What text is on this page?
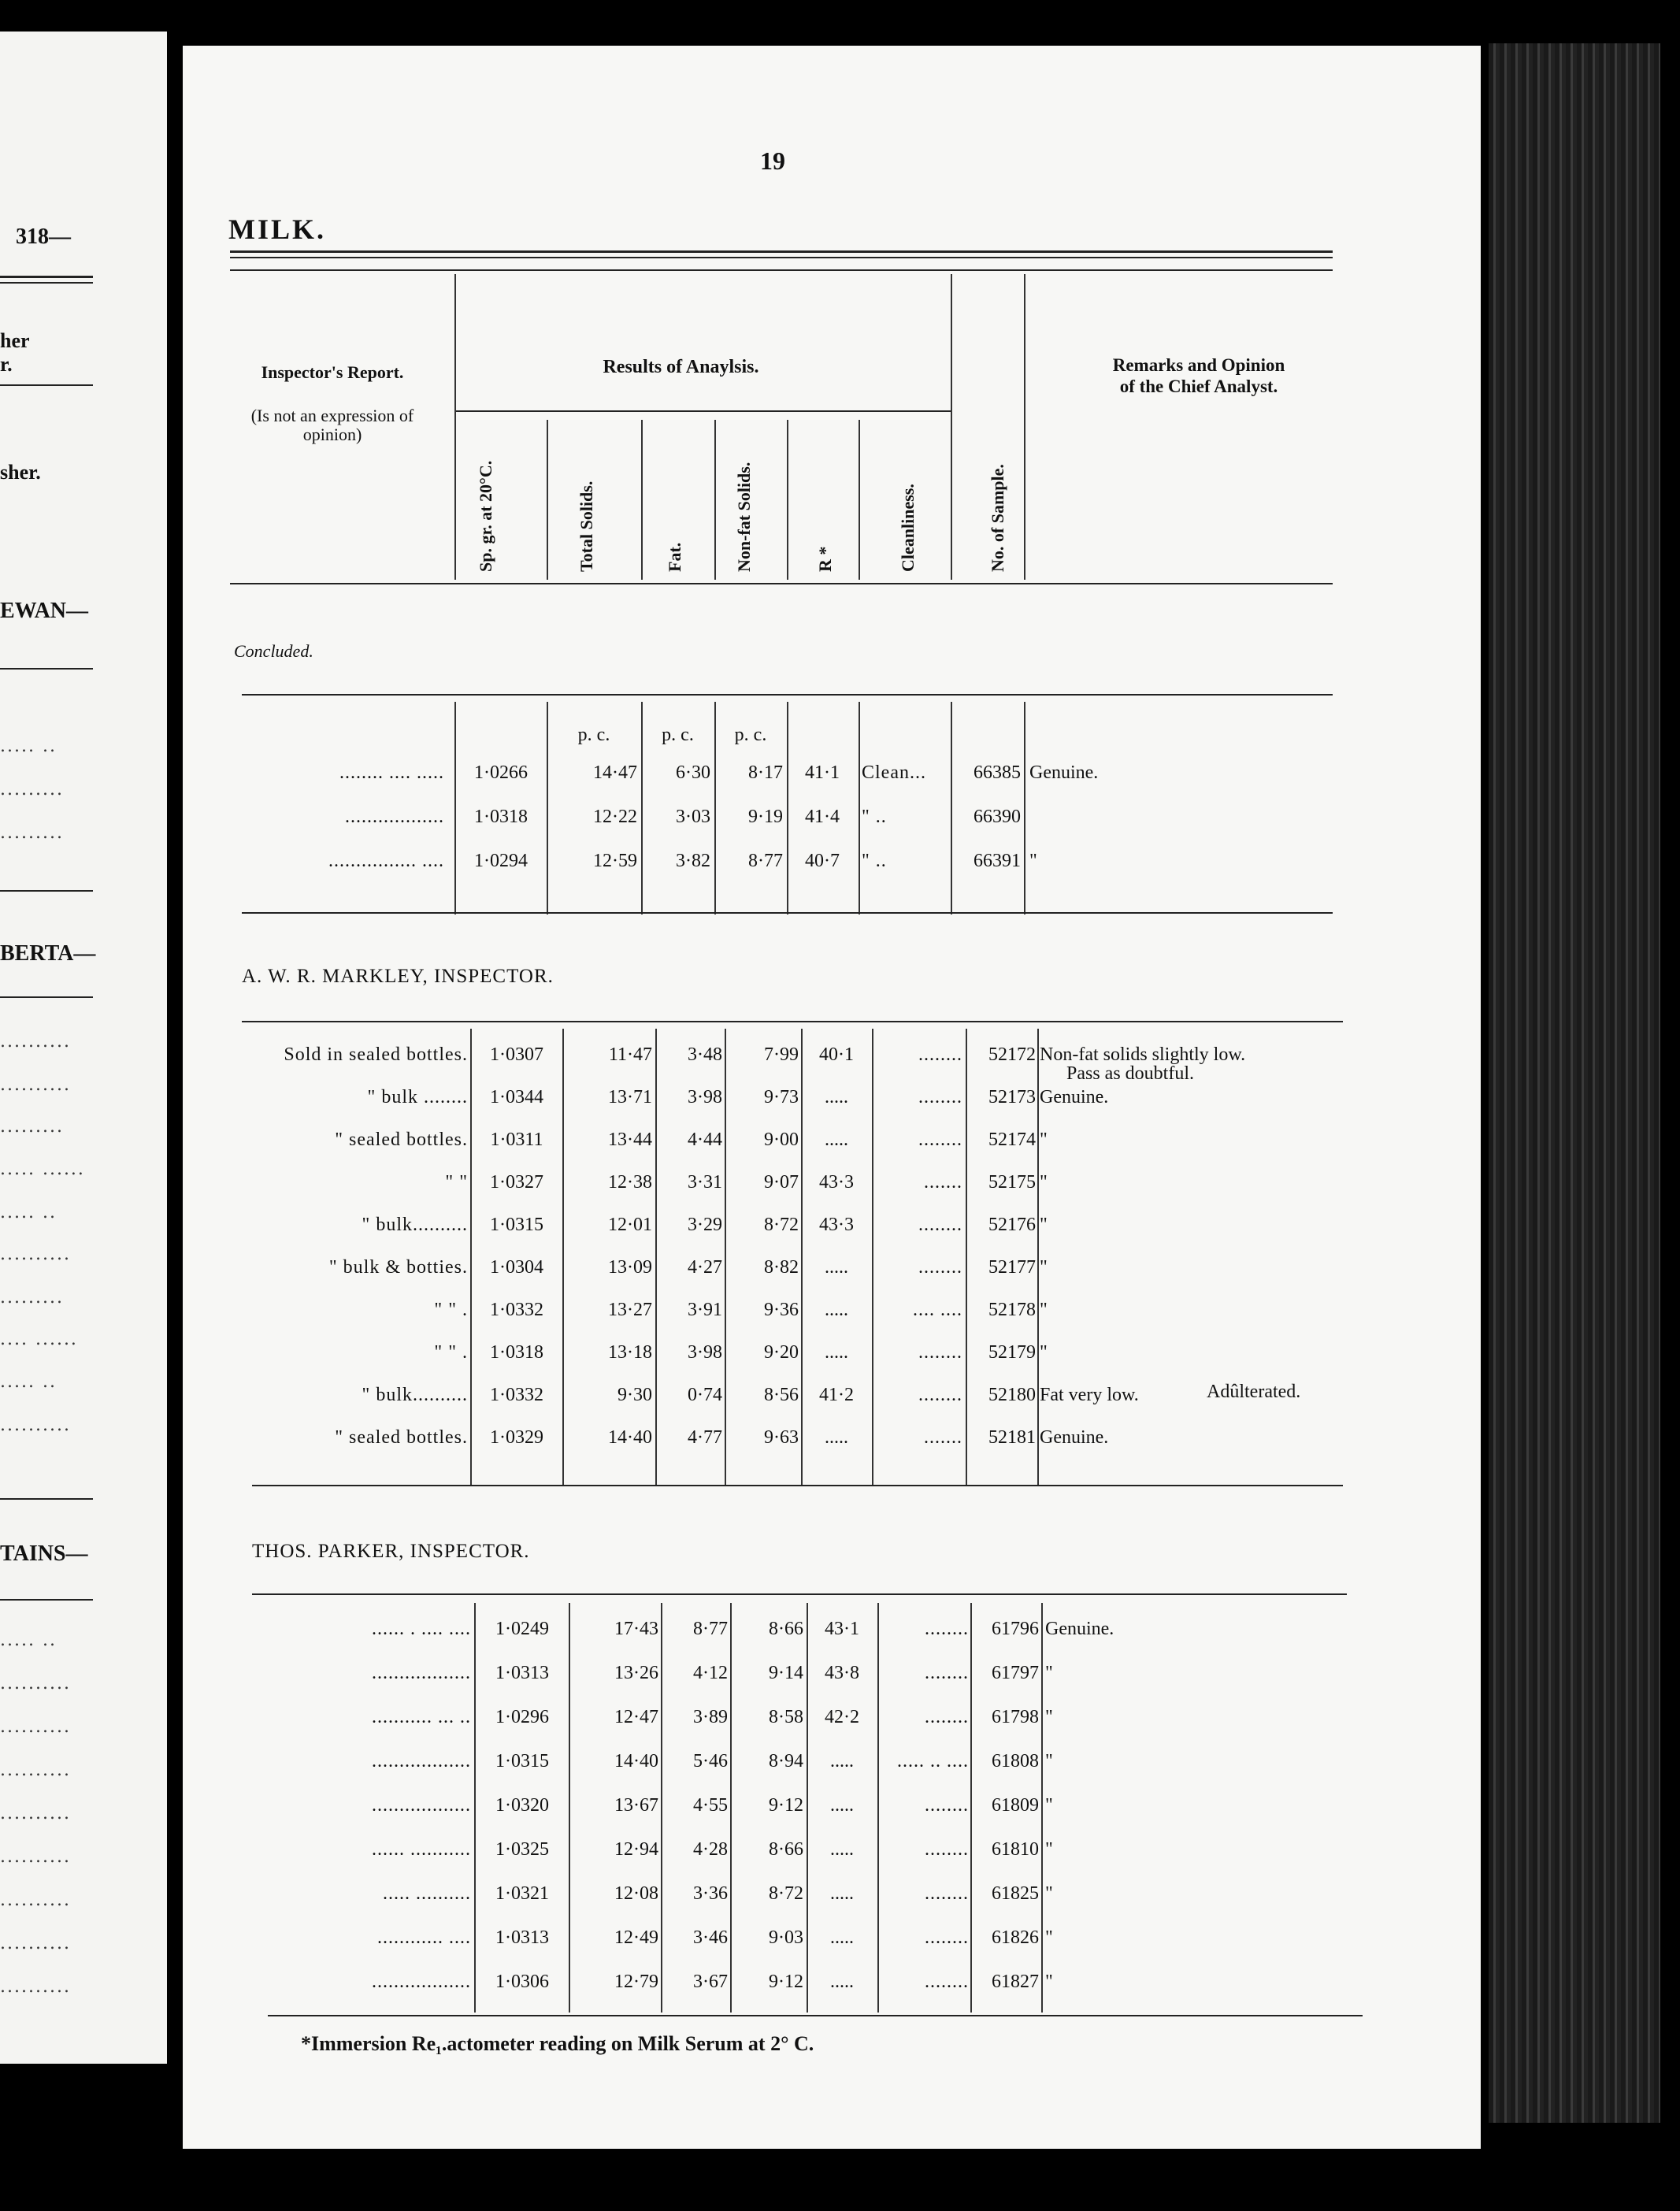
318—
her
r.
sher.
EWAN—
..... ..
.........
.........
BERTA—
..........
..........
.........
..... ......
..... ..
..........
.........
.... ......
..... ..
..........
TAINS—
..... ..
..........
..........
..........
..........
..........
..........
..........
..........
19
MILK.
Inspector's Report.
(Is not an expression of opinion)
Results of Anaylsis.
Sp. gr. at 20°C.	Total Solids.	Fat.	Non-fat Solids.	R *	Cleanliness.	No. of Sample.
Remarks and Opinion of the Chief Analyst.
Concluded.
p. c.	p. c.	p. c.
A. W. R. MARKLEY, INSPECTOR.
THOS. PARKER, INSPECTOR.
*Immersion Re₁.actometer reading on Milk Serum at 2° C.
........ .... .....	1·0266	14·47	6·30	8·17	41·1	Clean...	66385 Genuine.
..................	1·0318	12·22	3·03	9·19	41·4	" ..	66390
................ ....	1·0294	12·59	3·82	8·77	40·7	" ..	66391 "
Sold in sealed bottles.	1·0307	11·47	3·48	7·99	40·1	........	52172 Non-fat solids slightly low.
Pass as doubtful.
" bulk ........	1·0344	13·71	3·98	9·73	.....	........	52173 Genuine.
" sealed bottles.	1·0311	13·44	4·44	9·00	.....	........	52174 "
" "	1·0327	12·38	3·31	9·07	43·3	.......	52175 "
" bulk..........	1·0315	12·01	3·29	8·72	43·3	........	52176 "
" bulk & botties.	1·0304	13·09	4·27	8·82	.....	........	52177 "
" " .	1·0332	13·27	3·91	9·36	.....	.... ....	52178 "
" " .	1·0318	13·18	3·98	9·20	.....	........	52179 "
" bulk..........	1·0332	9·30	0·74	8·56	41·2	........	52180 Fat very low.	Adûlterated.
" sealed bottles.	1·0329	14·40	4·77	9·63	.....	.......	52181 Genuine.
...... . .... ....	1·0249	17·43	8·77	8·66	43·1	........	61796 Genuine.
..................	1·0313	13·26	4·12	9·14	43·8	........	61797 "
........... ... ..	1·0296	12·47	3·89	8·58	42·2	........	61798 "
..................	1·0315	14·40	5·46	8·94	.....	..... .. ....	61808 "
..................	1·0320	13·67	4·55	9·12	.....	........	61809 "
...... ...........	1·0325	12·94	4·28	8·66	.....	........	61810 "
..... ..........	1·0321	12·08	3·36	8·72	.....	........	61825 "
............ ....	1·0313	12·49	3·46	9·03	.....	........	61826 "
..................	1·0306	12·79	3·67	9·12	.....	........	61827 "
